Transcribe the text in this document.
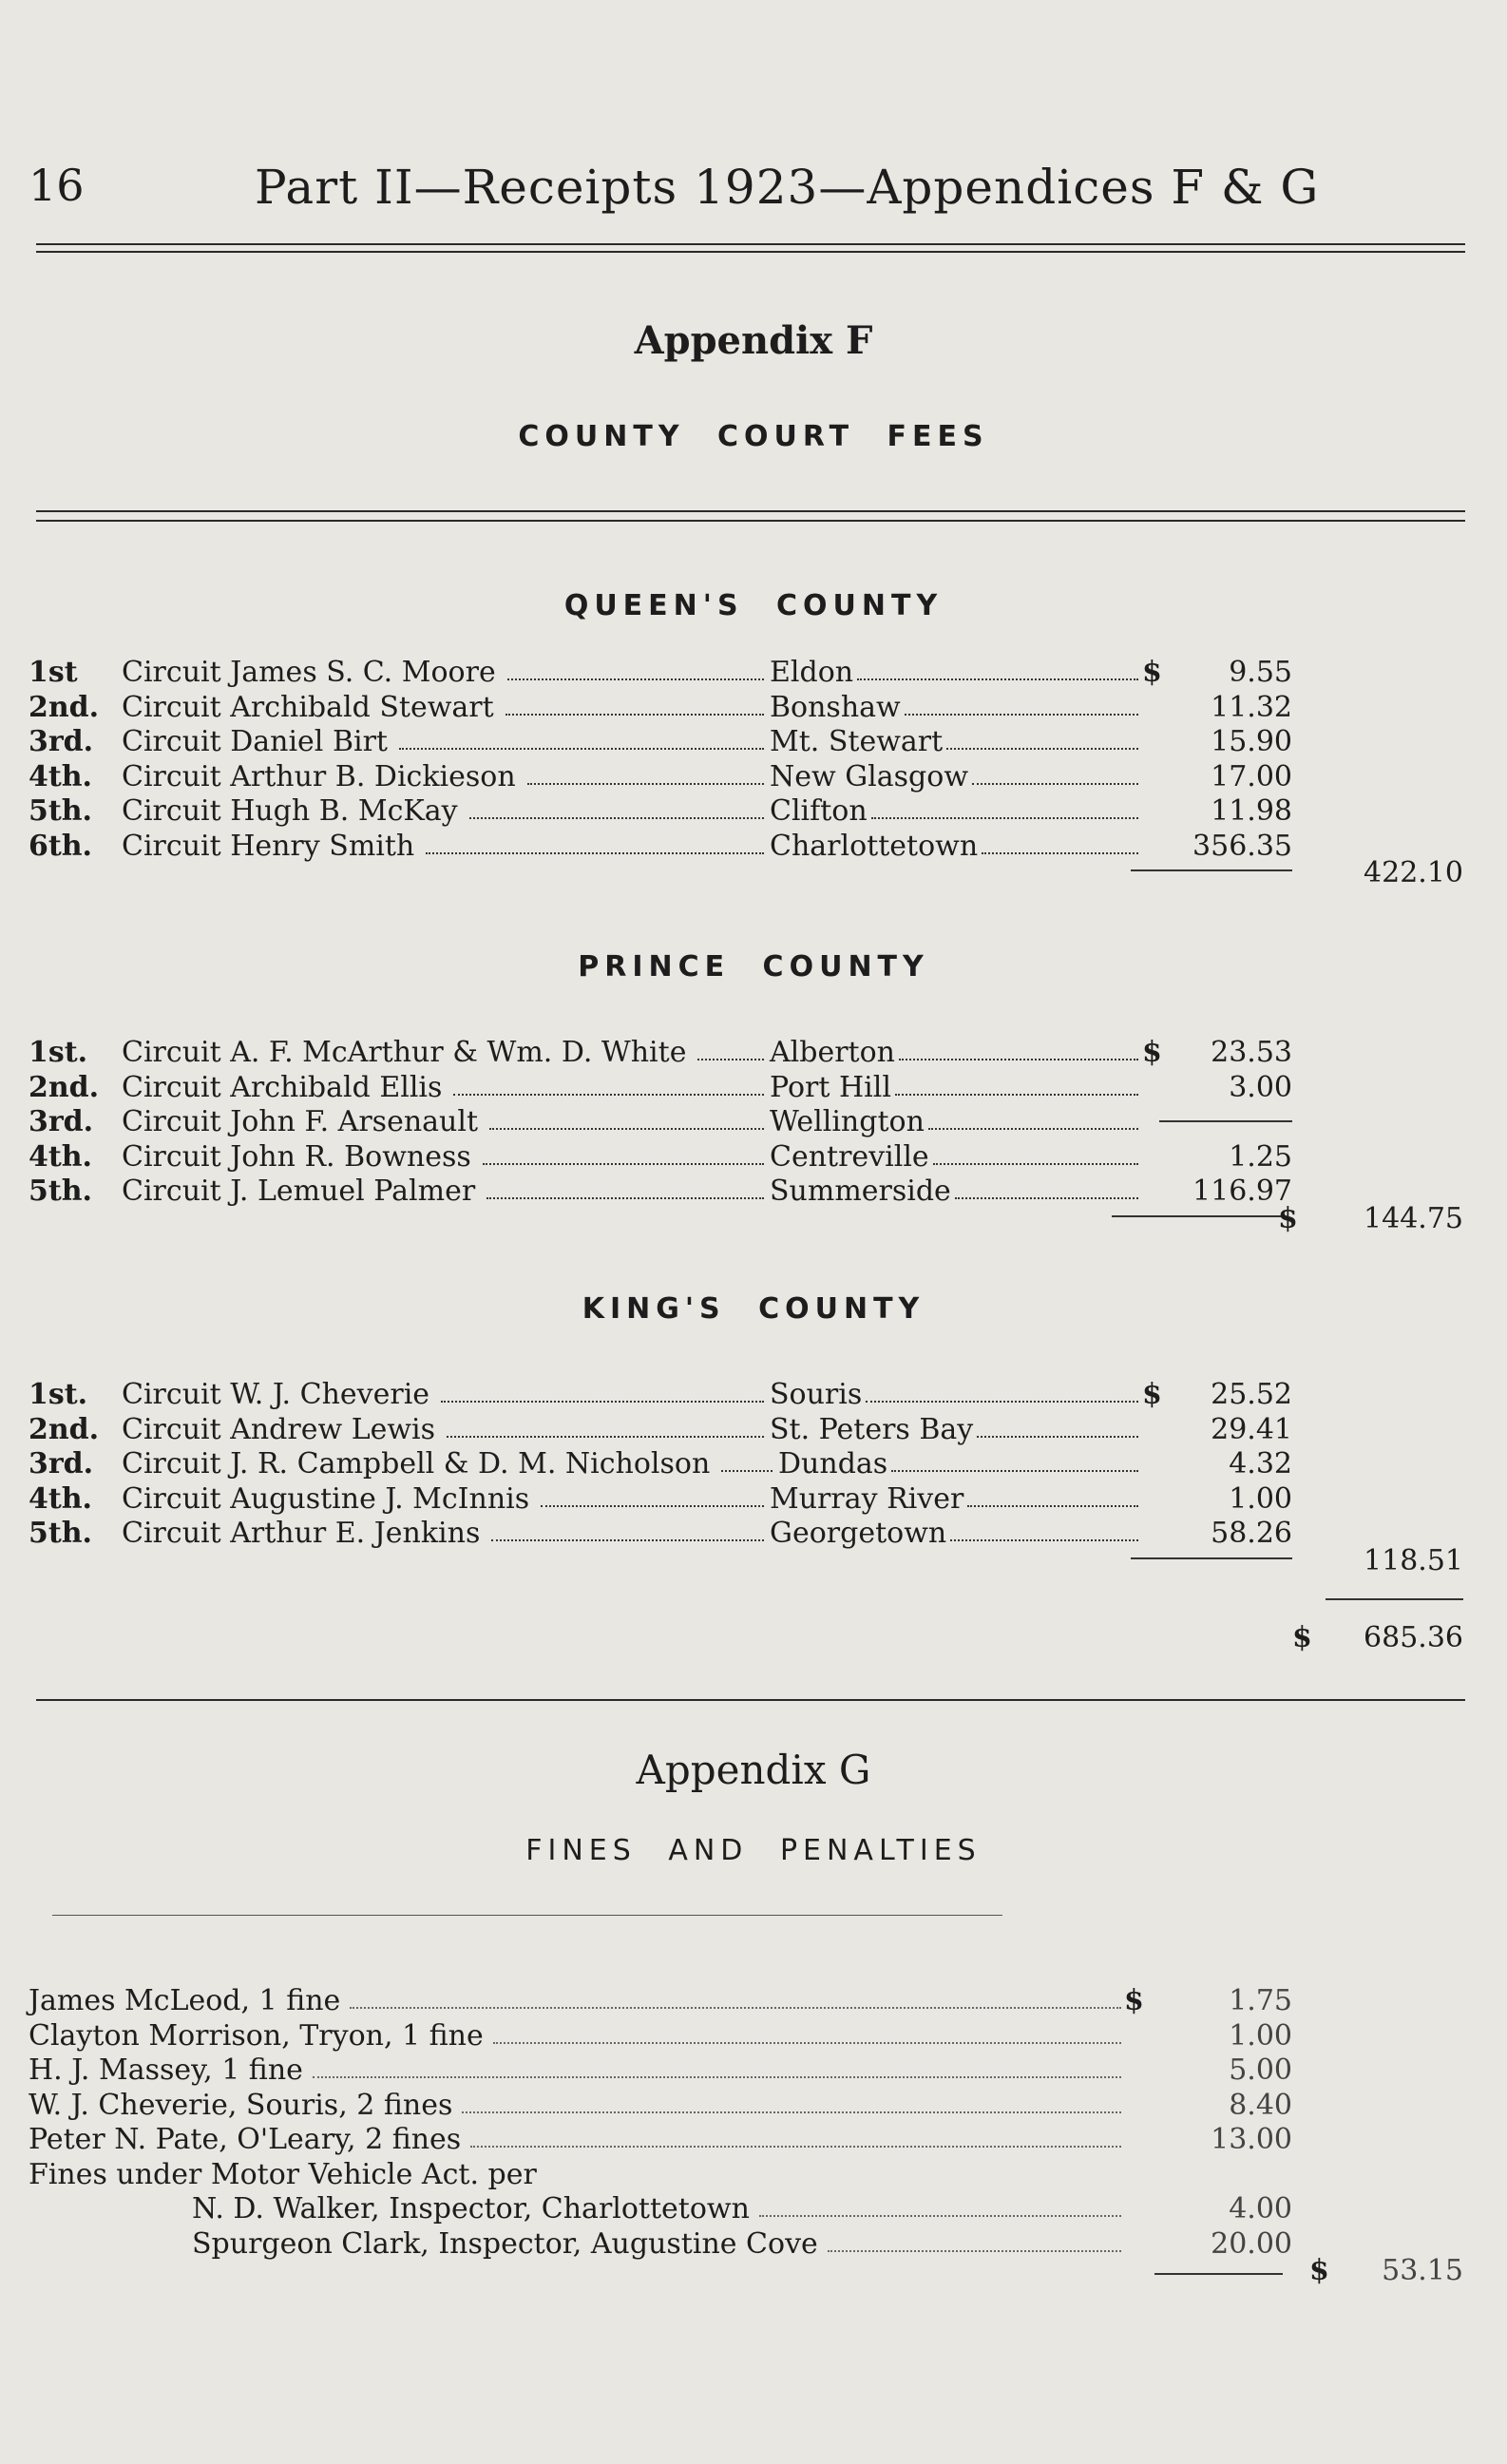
16	Part II—Receipts 1923—Appendices F & G
Appendix F
COUNTY COURT FEES
QUEEN'S COUNTY
1st Circuit James S. C. Moore	Eldon	$	9.55
2nd. Circuit Archibald Stewart	Bonshaw	11.32
3rd. Circuit Daniel Birt	Mt. Stewart	15.90
4th. Circuit Arthur B. Dickieson	New Glasgow	17.00
5th. Circuit Hugh B. McKay	Clifton	11.98
6th. Circuit Henry Smith	Charlottetown	356.35
422.10
PRINCE COUNTY
1st. Circuit A. F. McArthur & Wm. D. White	Alberton	$	23.53
2nd. Circuit Archibald Ellis	Port Hill	3.00
3rd. Circuit John F. Arsenault	Wellington
4th. Circuit John R. Bowness	Centreville	1.25
5th. Circuit J. Lemuel Palmer	Summerside	116.97
$	144.75
KING'S COUNTY
1st. Circuit W. J. Cheverie	Souris	$	25.52
2nd. Circuit Andrew Lewis	St. Peters Bay	29.41
3rd. Circuit J. R. Campbell & D. M. Nicholson Dundas	4.32
4th. Circuit Augustine J. McInnis	Murray River	1.00
5th. Circuit Arthur E. Jenkins	Georgetown	58.26
118.51
$	685.36
Appendix G
FINES AND PENALTIES
James McLeod, 1 fine	$	1.75
Clayton Morrison, Tryon, 1 fine	1.00
H. J. Massey, 1 fine	5.00
W. J. Cheverie, Souris, 2 fines	8.40
Peter N. Pate, O'Leary, 2 fines	13.00
Fines under Motor Vehicle Act. per
N. D. Walker, Inspector, Charlottetown	4.00
Spurgeon Clark, Inspector, Augustine Cove	20.00
$	53.15
